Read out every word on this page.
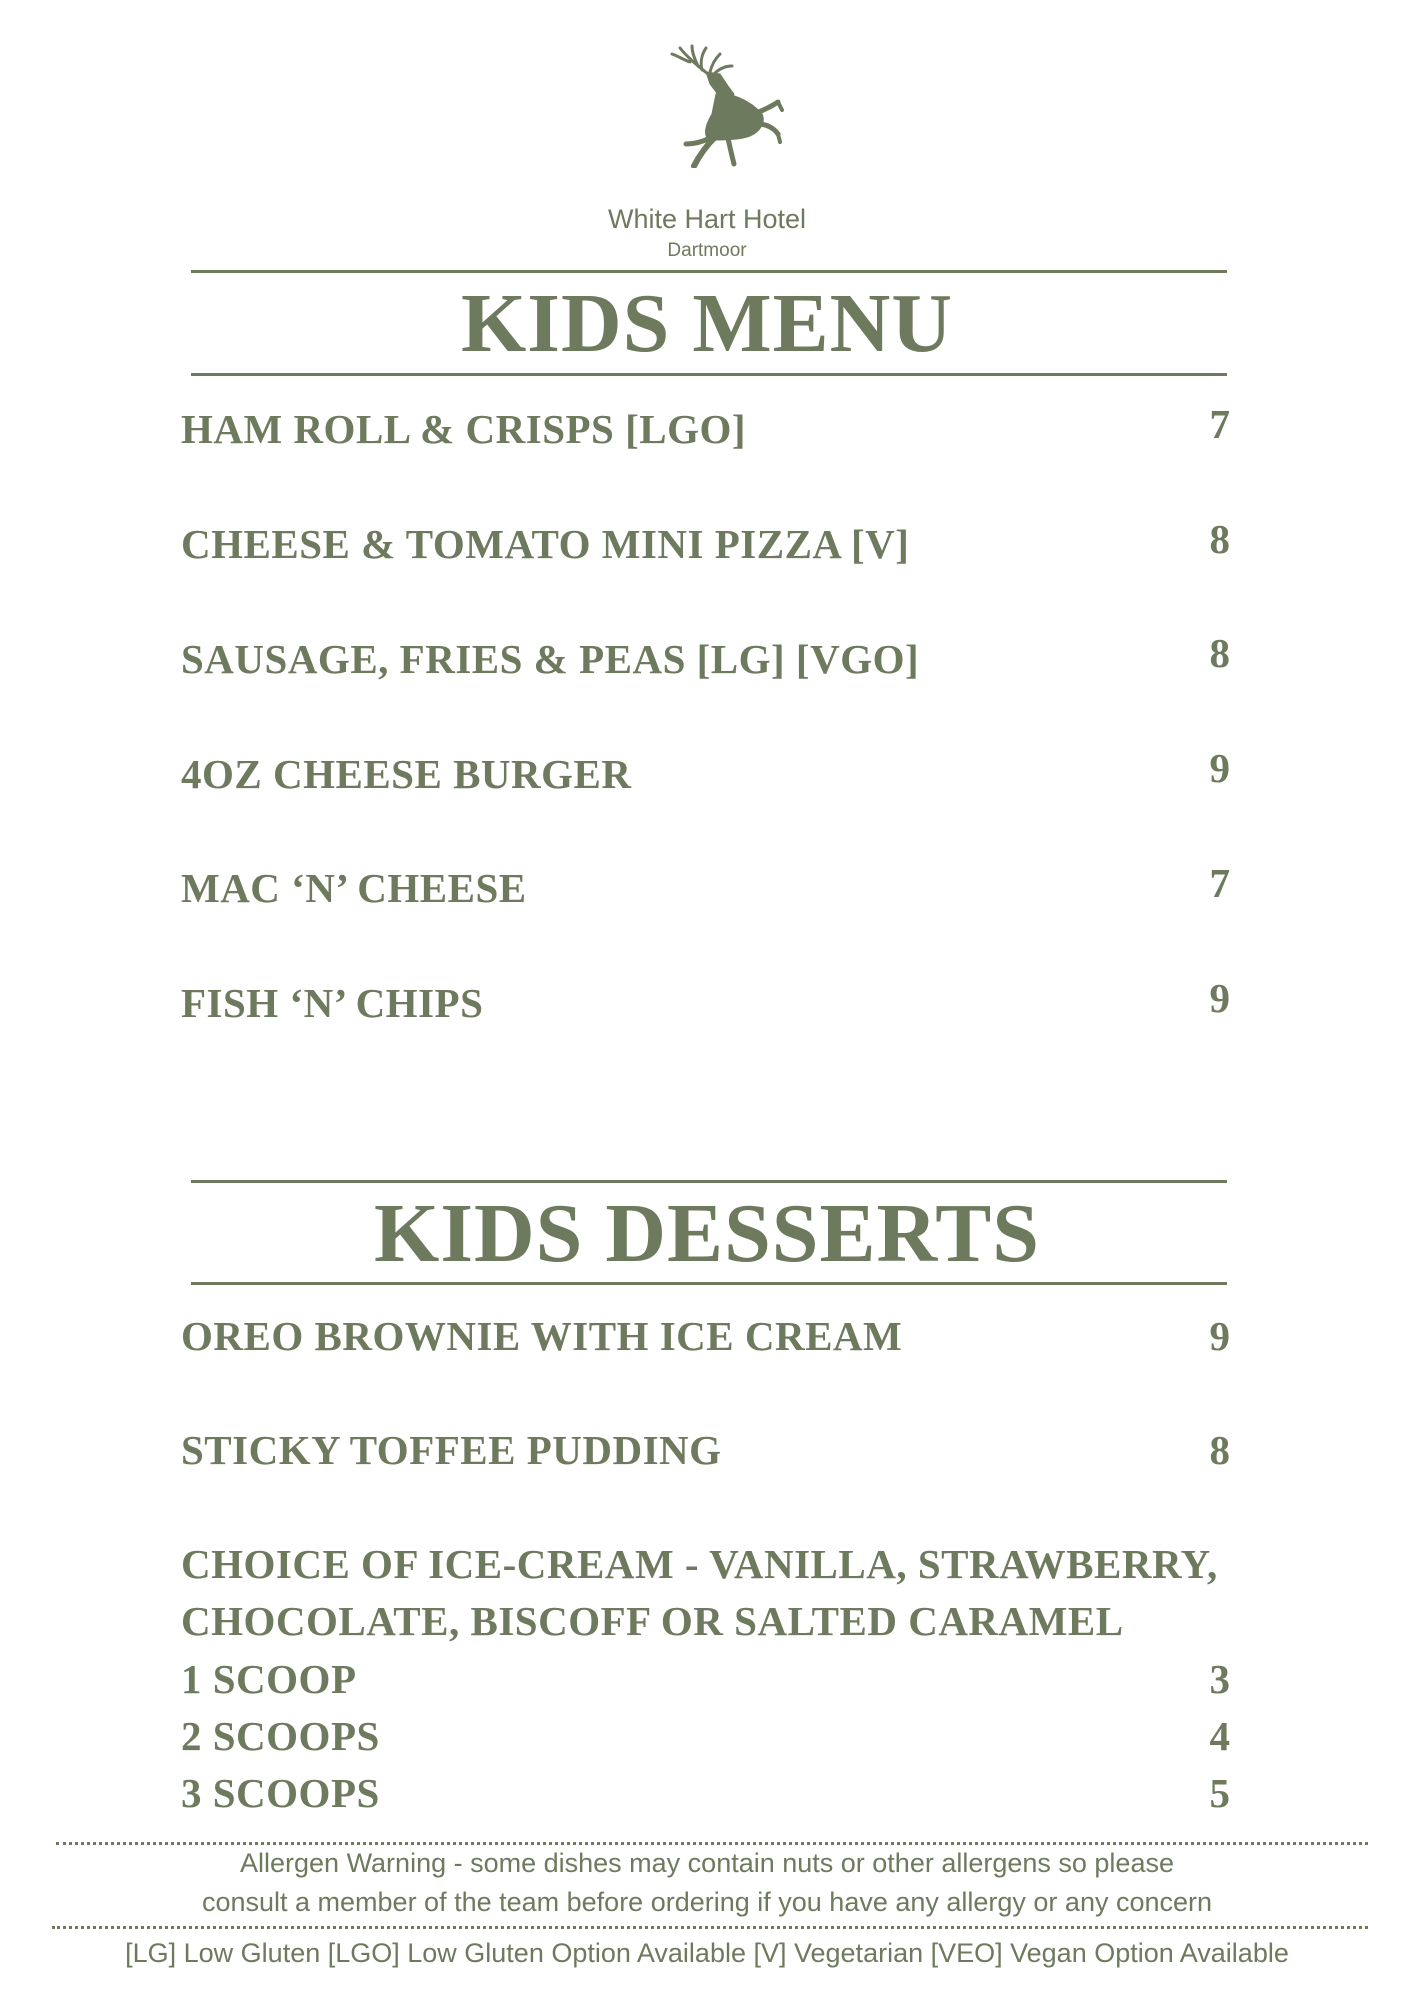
White Hart Hotel
Dartmoor
KIDS MENU
HAM ROLL & CRISPS [LGO]	7
CHEESE & TOMATO MINI PIZZA [V]	8
SAUSAGE, FRIES & PEAS [LG] [VGO]	8
4OZ CHEESE BURGER	9
MAC ‘N’ CHEESE	7
FISH ‘N’ CHIPS	9
KIDS DESSERTS
OREO BROWNIE WITH ICE CREAM	9
STICKY TOFFEE PUDDING	8
CHOICE OF ICE-CREAM - VANILLA, STRAWBERRY,
CHOCOLATE, BISCOFF OR SALTED CARAMEL
1 SCOOP	3
2 SCOOPS	4
3 SCOOPS	5
Allergen Warning - some dishes may contain nuts or other allergens so please
consult a member of the team before ordering if you have any allergy or any concern
[LG] Low Gluten [LGO] Low Gluten Option Available [V] Vegetarian [VEO] Vegan Option Available
